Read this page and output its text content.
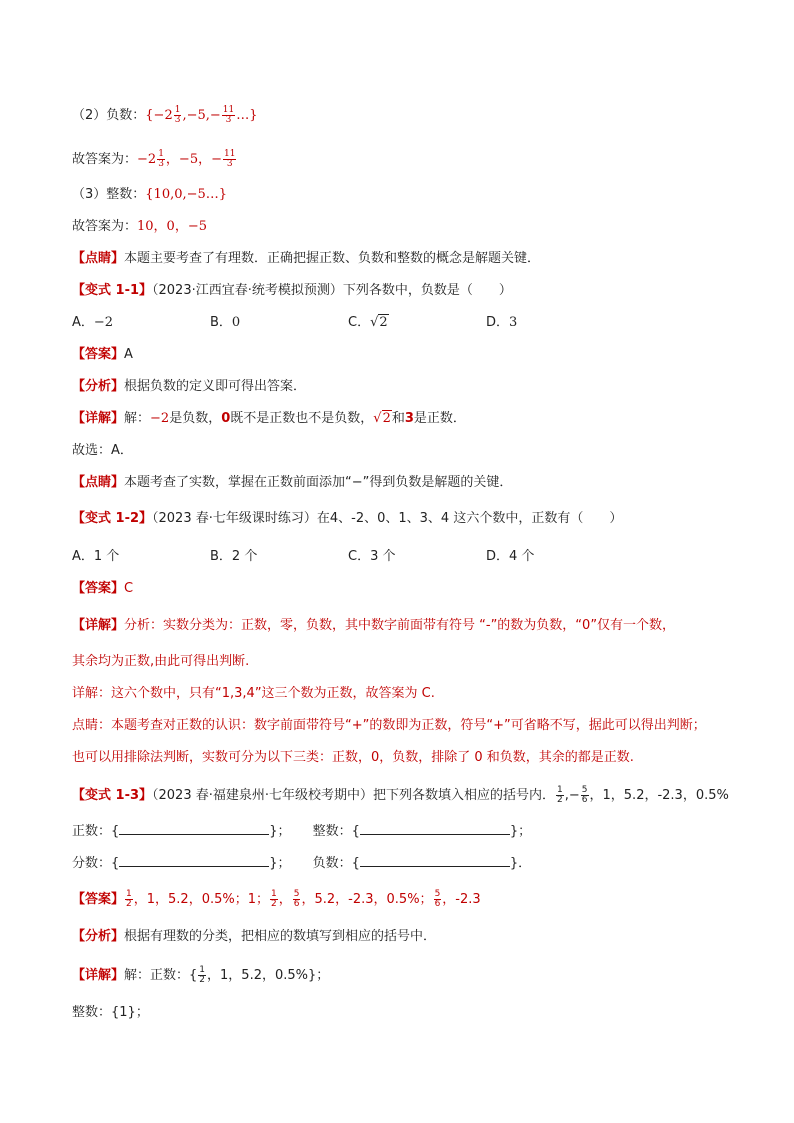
（2）负数：{$-2 \frac{1}{3} ,-5,- \frac{11}{3}$ …}
故答案为：$-2 \frac{1}{3}$ ，−5，− $\frac{11}{3}$
（3）整数：{10,0,−5…}
故答案为：10，0，−5
【点睛】本题主要考查了有理数．正确把握正数、负数和整数的概念是解题关键．
【变式 1-1】（2023·江西宜春·统考模拟预测）下列各数中，负数是（　　）
A．−2	B．0	C．√2	D．3
【答案】A
【分析】根据负数的定义即可得出答案．
【详解】解：−2是负数，0既不是正数也不是负数，√2和3是正数．
故选：A．
【点睛】本题考查了实数，掌握在正数前面添加“−”得到负数是解题的关键．
【变式 1-2】（2023 春·七年级课时练习）在4、-2、0、1、3、4 这六个数中，正数有（　　）
A．1 个	B．2 个	C．3 个	D．4 个
【答案】C
【详解】分析：实数分类为：正数，零，负数，其中数字前面带有符号 “-”的数为负数，“0”仅有一个数，
其余均为正数,由此可得出判断.
详解：这六个数中，只有“1,3,4”这三个数为正数，故答案为 C.
点睛：本题考查对正数的认识：数字前面带符号“+”的数即为正数，符号“+”可省略不写，据此可以得出判断；
也可以用排除法判断，实数可分为以下三类：正数，0，负数，排除了 0 和负数，其余的都是正数.
【变式 1-3】（2023 春·福建泉州·七年级校考期中）把下列各数填入相应的括号内． $\frac{1}{2}$ ,− $\frac{5}{6}$ ，1，5.2，-2.3，0.5%
正数：{	}； 整数：{	}；
分数：{	}； 负数：{	}．
【答案】 $\frac{1}{2}$ ，1，5.2，0.5%；1； $\frac{1}{2}$ ， $\frac{5}{6}$ ，5.2，-2.3，0.5%； $\frac{5}{6}$ ，-2.3
【分析】根据有理数的分类，把相应的数填写到相应的括号中．
【详解】解：正数：{ $\frac{1}{2}$ ，1，5.2，0.5%}；
整数：{1}；
